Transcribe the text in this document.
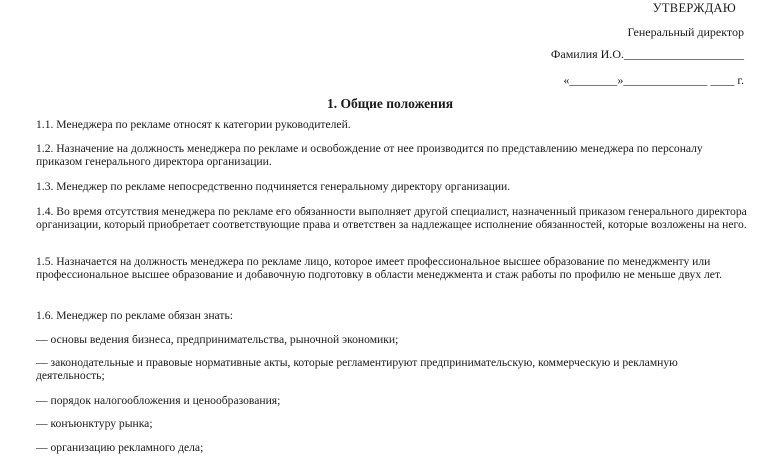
УТВЕРЖДАЮ
Генеральный директор
Фамилия И.О.____________________
«________»______________ ____ г.
1. Общие положения

1.1. Менеджера по рекламе относят к категории руководителей.

1.2. Назначение на должность менеджера по рекламе и освобождение от нее производится по представлению менеджера по персоналу приказом генерального директора организации.

1.3. Менеджер по рекламе непосредственно подчиняется генеральному директору организации.

1.4. Во время отсутствия менеджера по рекламе его обязанности выполняет другой специалист, назначенный приказом генерального директора организации, который приобретает соответствующие права и ответствен за надлежащее исполнение обязанностей, которые возложены на него.

1.5. Назначается на должность менеджера по рекламе лицо, которое имеет профессиональное высшее образование по менеджменту или профессиональное высшее образование и добавочную подготовку в области менеджмента и стаж работы по профилю не меньше двух лет.

1.6. Менеджер по рекламе обязан знать:

— основы ведения бизнеса, предпринимательства, рыночной экономики;

— законодательные и правовые нормативные акты, которые регламентируют предпринимательскую, коммерческую и рекламную деятельность;

— порядок налогообложения и ценообразования;

— конъюнктуру рынка;

— организацию рекламного дела;
